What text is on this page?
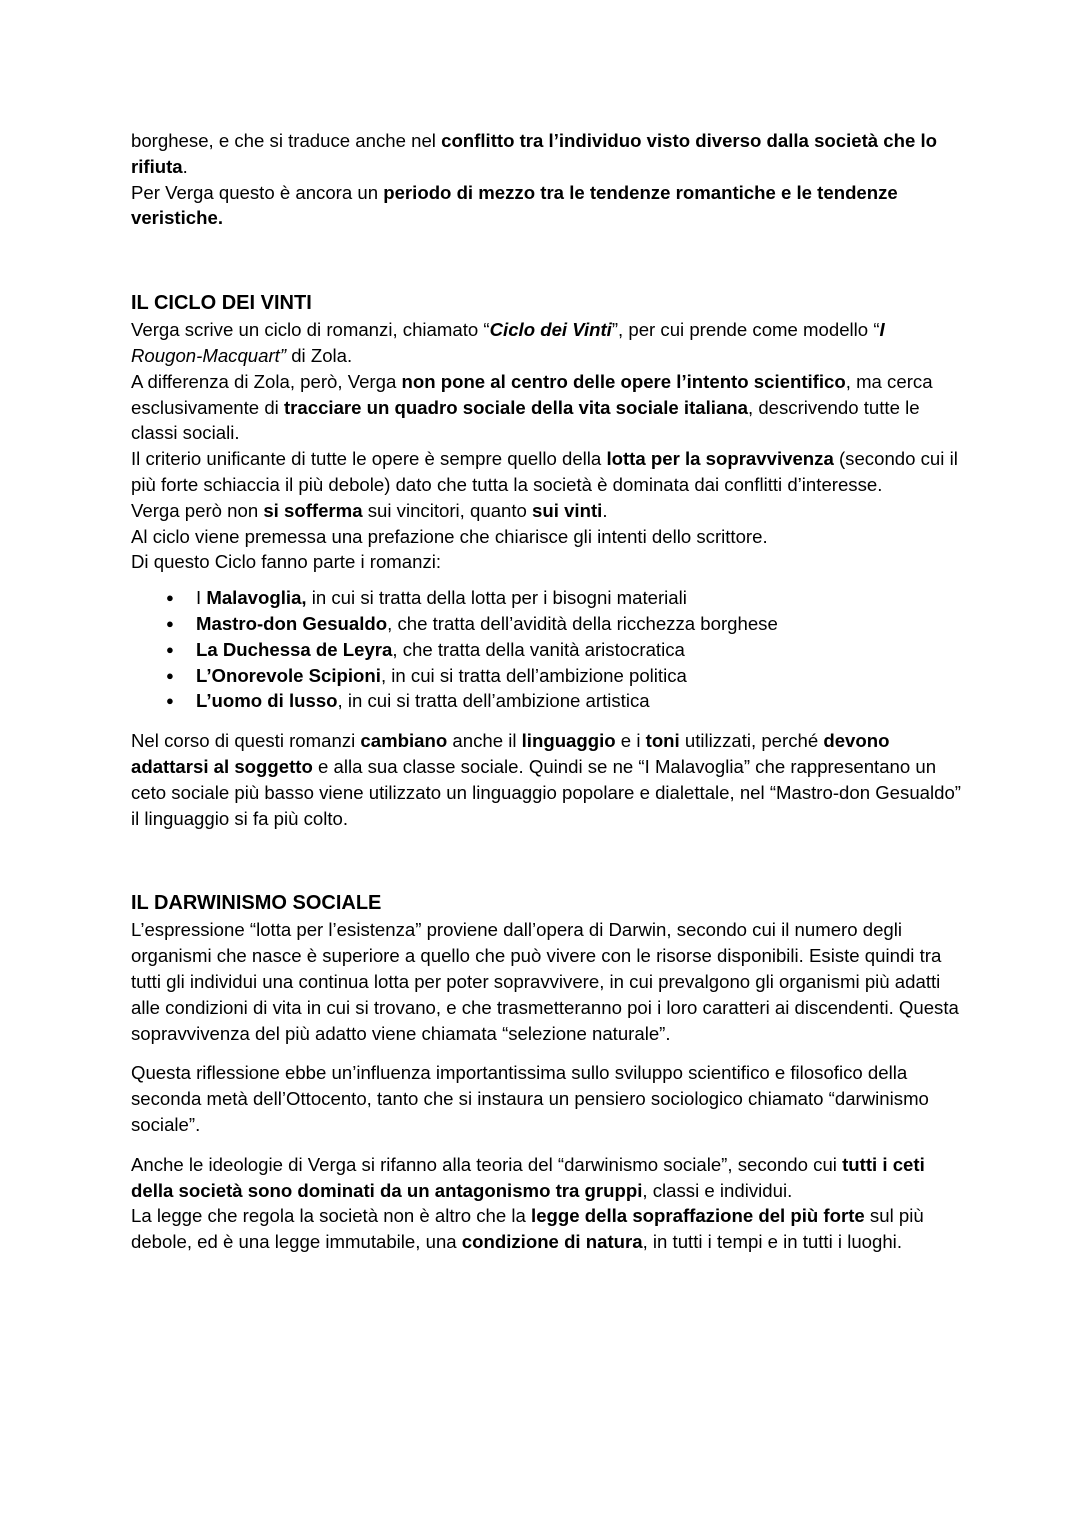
borghese, e che si traduce anche nel conflitto tra l’individuo visto diverso dalla società che lo rifiuta.

Per Verga questo è ancora un periodo di mezzo tra le tendenze romantiche e le tendenze veristiche.

IL CICLO DEI VINTI

Verga scrive un ciclo di romanzi, chiamato “Ciclo dei Vinti”, per cui prende come modello “I Rougon-Macquart” di Zola.

A differenza di Zola, però, Verga non pone al centro delle opere l’intento scientifico, ma cerca esclusivamente di tracciare un quadro sociale della vita sociale italiana, descrivendo tutte le classi sociali.

Il criterio unificante di tutte le opere è sempre quello della lotta per la sopravvivenza (secondo cui il più forte schiaccia il più debole) dato che tutta la società è dominata dai conflitti d’interesse.

Verga però non si sofferma sui vincitori, quanto sui vinti.

Al ciclo viene premessa una prefazione che chiarisce gli intenti dello scrittore.

Di questo Ciclo fanno parte i romanzi:

● I Malavoglia, in cui si tratta della lotta per i bisogni materiali
● Mastro-don Gesualdo, che tratta dell’avidità della ricchezza borghese
● La Duchessa de Leyra, che tratta della vanità aristocratica
● L’Onorevole Scipioni, in cui si tratta dell’ambizione politica
● L’uomo di lusso, in cui si tratta dell’ambizione artistica

Nel corso di questi romanzi cambiano anche il linguaggio e i toni utilizzati, perché devono adattarsi al soggetto e alla sua classe sociale. Quindi se ne “I Malavoglia” che rappresentano un ceto sociale più basso viene utilizzato un linguaggio popolare e dialettale, nel “Mastro-don Gesualdo” il linguaggio si fa più colto.

IL DARWINISMO SOCIALE

L’espressione “lotta per l’esistenza” proviene dall’opera di Darwin, secondo cui il numero degli organismi che nasce è superiore a quello che può vivere con le risorse disponibili. Esiste quindi tra tutti gli individui una continua lotta per poter sopravvivere, in cui prevalgono gli organismi più adatti alle condizioni di vita in cui si trovano, e che trasmetteranno poi i loro caratteri ai discendenti. Questa sopravvivenza del più adatto viene chiamata “selezione naturale”.

Questa riflessione ebbe un’influenza importantissima sullo sviluppo scientifico e filosofico della seconda metà dell’Ottocento, tanto che si instaura un pensiero sociologico chiamato “darwinismo sociale”.

Anche le ideologie di Verga si rifanno alla teoria del “darwinismo sociale”, secondo cui tutti i ceti della società sono dominati da un antagonismo tra gruppi, classi e individui.

La legge che regola la società non è altro che la legge della sopraffazione del più forte sul più debole, ed è una legge immutabile, una condizione di natura, in tutti i tempi e in tutti i luoghi.
